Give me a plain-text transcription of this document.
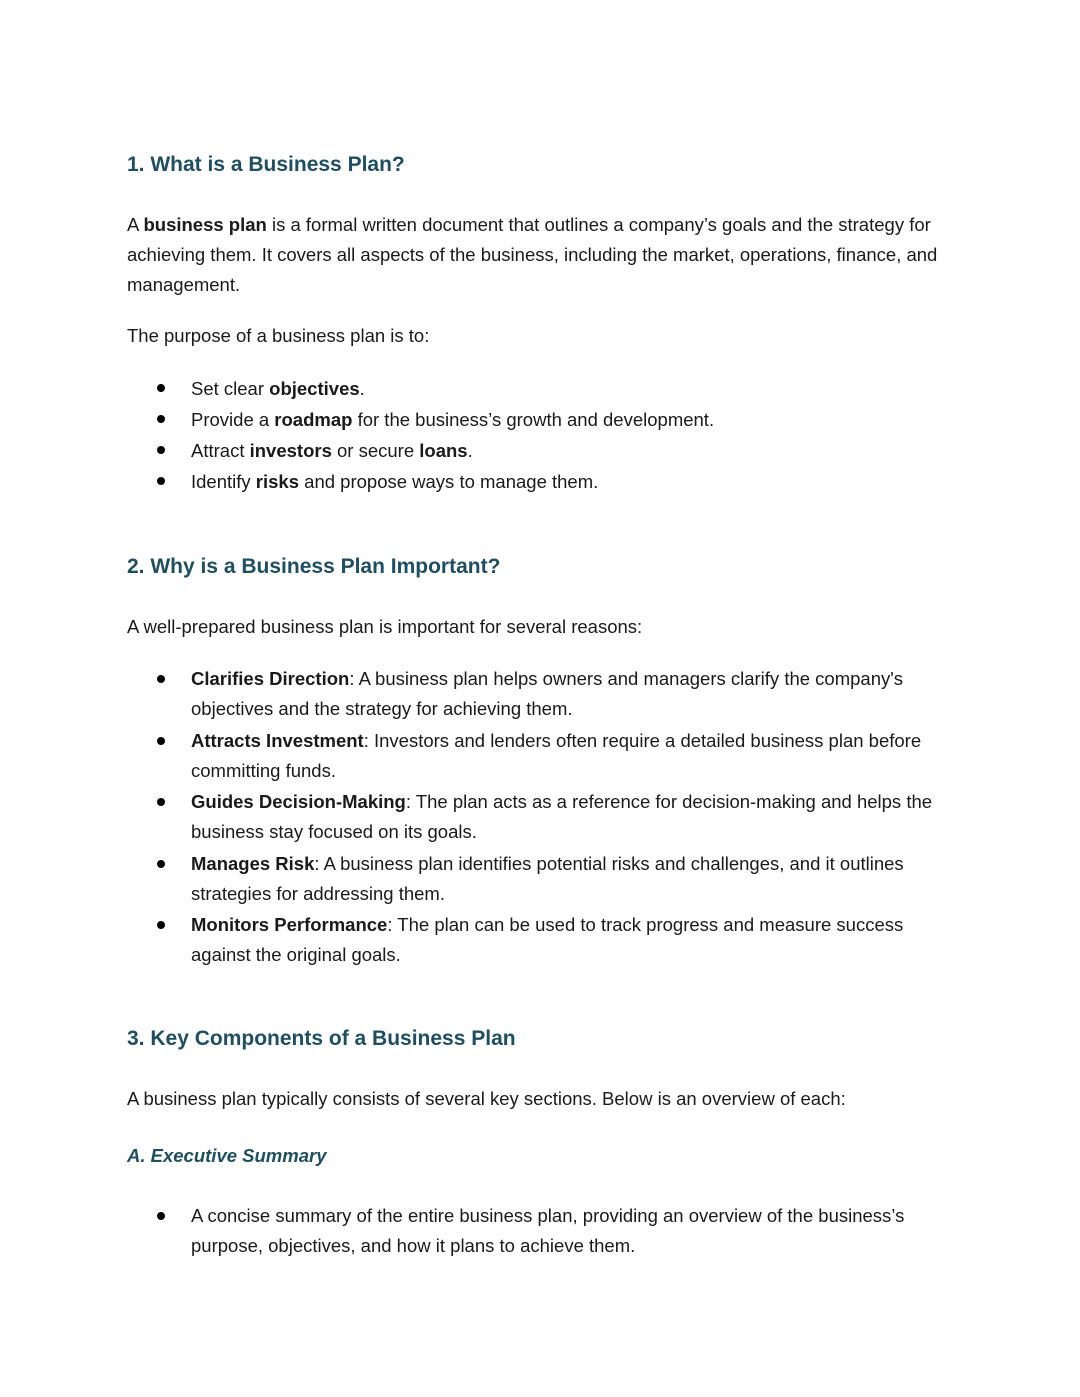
1. What is a Business Plan?

A business plan is a formal written document that outlines a company’s goals and the strategy for achieving them. It covers all aspects of the business, including the market, operations, finance, and management.

The purpose of a business plan is to:

Set clear objectives.
Provide a roadmap for the business’s growth and development.
Attract investors or secure loans.
Identify risks and propose ways to manage them.
2. Why is a Business Plan Important?

A well-prepared business plan is important for several reasons:

Clarifies Direction: A business plan helps owners and managers clarify the company's objectives and the strategy for achieving them.
Attracts Investment: Investors and lenders often require a detailed business plan before committing funds.
Guides Decision-Making: The plan acts as a reference for decision-making and helps the business stay focused on its goals.
Manages Risk: A business plan identifies potential risks and challenges, and it outlines strategies for addressing them.
Monitors Performance: The plan can be used to track progress and measure success against the original goals.
3. Key Components of a Business Plan

A business plan typically consists of several key sections. Below is an overview of each:

A. Executive Summary
A concise summary of the entire business plan, providing an overview of the business’s purpose, objectives, and how it plans to achieve them.
